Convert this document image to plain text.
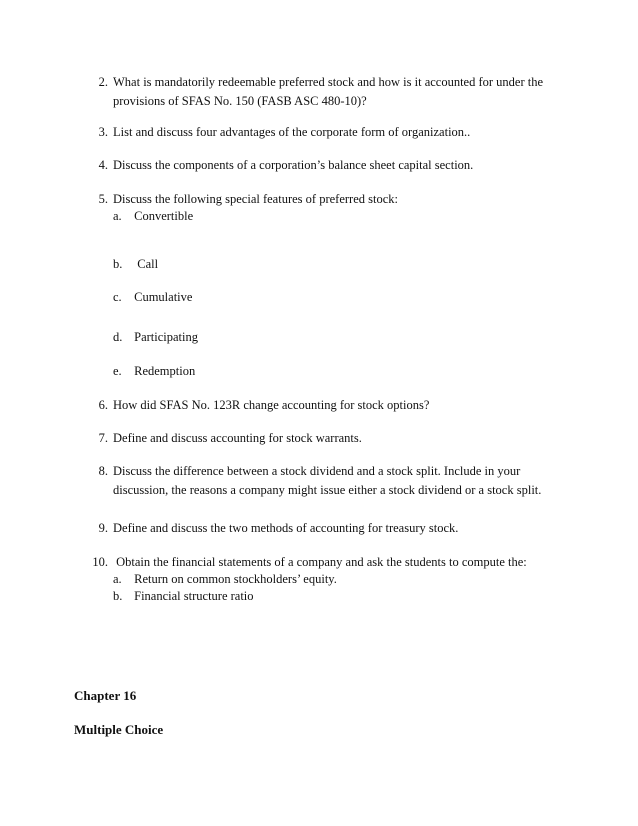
2. What is mandatorily redeemable preferred stock and how is it accounted for under the
provisions of SFAS No. 150 (FASB ASC 480-10)?
3. List and discuss four advantages of the corporate form of organization..
4. Discuss the components of a corporation’s balance sheet capital section.
5. Discuss the following special features of preferred stock:
a. Convertible
b.  Call
c. Cumulative
d. Participating
e. Redemption
6. How did SFAS No. 123R change accounting for stock options?
7. Define and discuss accounting for stock warrants.
8. Discuss the difference between a stock dividend and a stock split. Include in your
discussion, the reasons a company might issue either a stock dividend or a stock split.
9. Define and discuss the two methods of accounting for treasury stock.
10. Obtain the financial statements of a company and ask the students to compute the:
a. Return on common stockholders’ equity.
b. Financial structure ratio
Chapter 16
Multiple Choice
